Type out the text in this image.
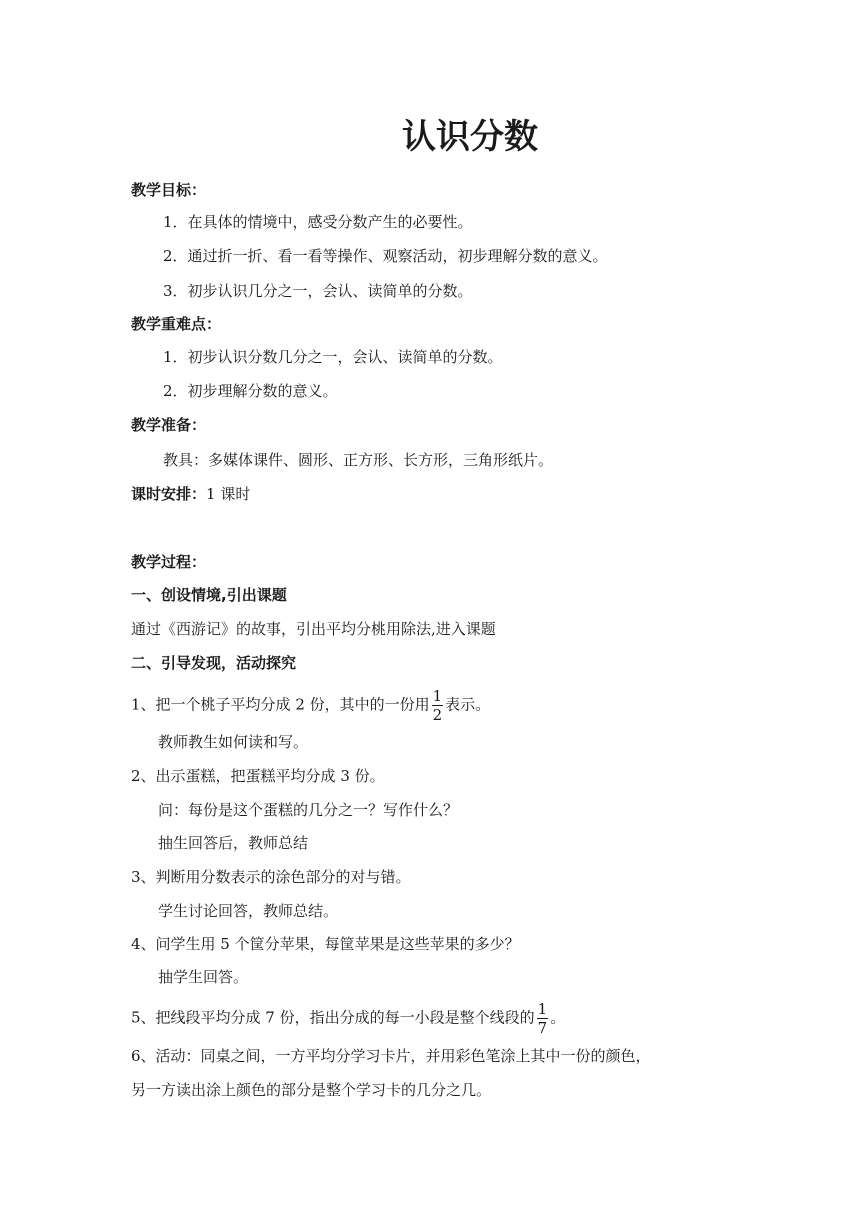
认识分数
教学目标：
1．在具体的情境中，感受分数产生的必要性。
2．通过折一折、看一看等操作、观察活动，初步理解分数的意义。
3．初步认识几分之一，会认、读简单的分数。
教学重难点：
1．初步认识分数几分之一，会认、读简单的分数。
2．初步理解分数的意义。
教学准备：
教具：多媒体课件、圆形、正方形、长方形，三角形纸片。
课时安排：1 课时
教学过程：
一、创设情境,引出课题
通过《西游记》的故事，引出平均分桃用除法,进入课题
二、引导发现，活动探究
1、把一个桃子平均分成 2 份，其中的一份用 $\frac{1}{2}$ 表示。
教师教生如何读和写。
2、出示蛋糕，把蛋糕平均分成 3 份。
问：每份是这个蛋糕的几分之一？写作什么？
抽生回答后，教师总结
3、判断用分数表示的涂色部分的对与错。
学生讨论回答，教师总结。
4、问学生用 5 个筐分苹果，每筐苹果是这些苹果的多少？
抽学生回答。
5、把线段平均分成 7 份，指出分成的每一小段是整个线段的 $\frac{1}{7}$ 。
6、活动：同桌之间，一方平均分学习卡片，并用彩色笔涂上其中一份的颜色，
另一方读出涂上颜色的部分是整个学习卡的几分之几。
